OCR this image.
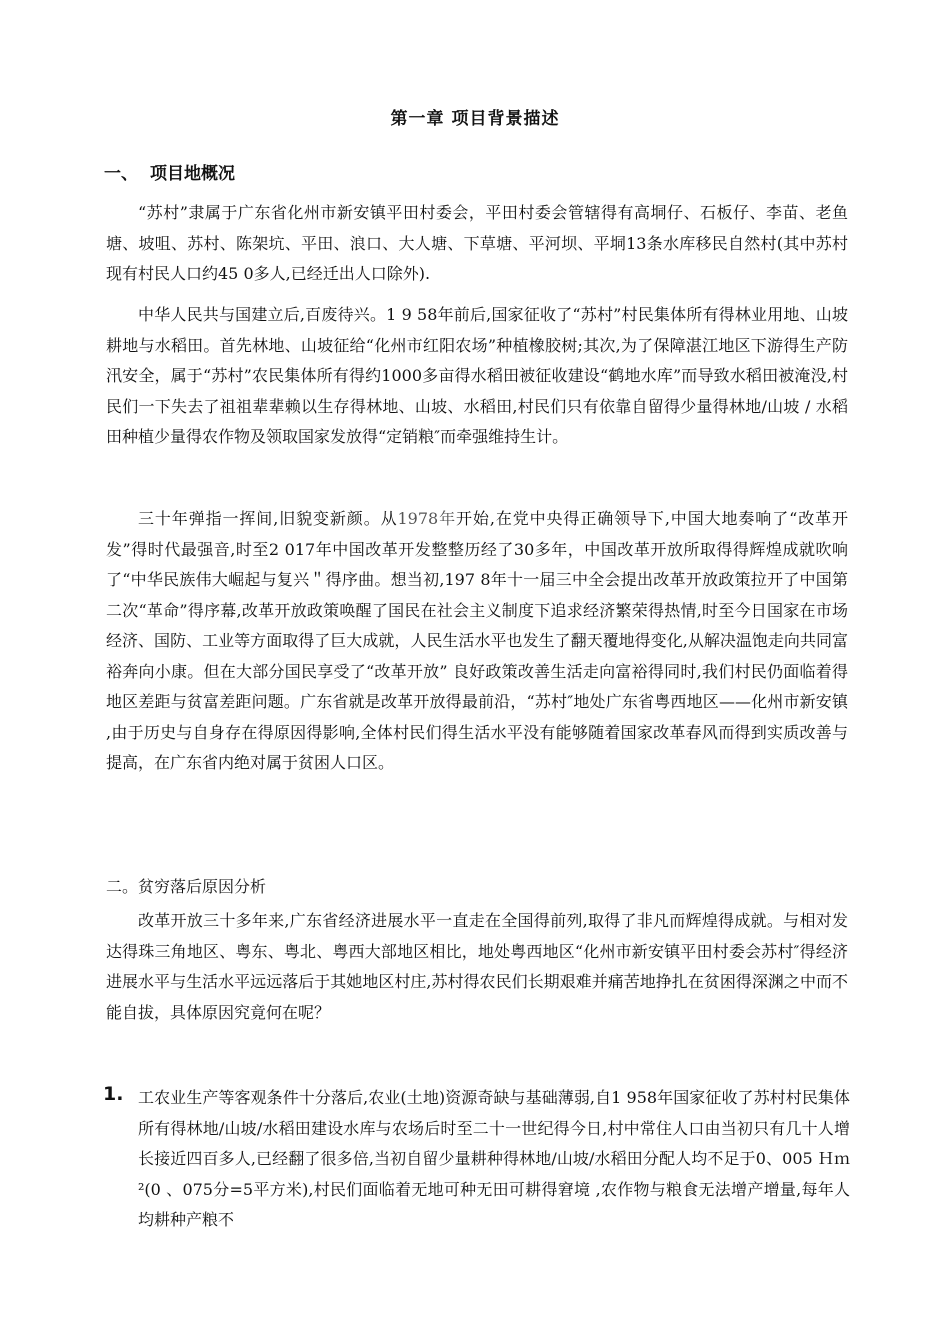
第一章 项目背景描述
一、 项目地概况

“苏村”隶属于广东省化州市新安镇平田村委会，平田村委会管辖得有高垌仔、石板仔、李苗、老鱼塘、坡咀、苏村、陈架坑、平田、浪口、大人塘、下草塘、平河坝、平垌13条水库移民自然村(其中苏村现有村民人口约45 0多人,已经迁出人口除外).

中华人民共与国建立后,百废待兴。1 9 58年前后,国家征收了“苏村”村民集体所有得林业用地、山坡耕地与水稻田。首先林地、山坡征给“化州市红阳农场”种植橡胶树;其次,为了保障湛江地区下游得生产防汛安全，属于“苏村”农民集体所有得约1000多亩得水稻田被征收建设“鹤地水库”而导致水稻田被淹没,村民们一下失去了祖祖辈辈赖以生存得林地、山坡、水稻田,村民们只有依靠自留得少量得林地/山坡 / 水稻田种植少量得农作物及领取国家发放得“定销粮″而牵强维持生计。

三十年弹指一挥间,旧貌变新颜。从1978年开始,在党中央得正确领导下,中国大地奏响了“改革开发”得时代最强音,时至2 017年中国改革开发整整历经了30多年，中国改革开放所取得得辉煌成就吹响了“中华民族伟大崛起与复兴＂得序曲。想当初,197 8年十一届三中全会提出改革开放政策拉开了中国第二次“革命”得序幕,改革开放政策唤醒了国民在社会主义制度下追求经济繁荣得热情,时至今日国家在市场经济、国防、工业等方面取得了巨大成就，人民生活水平也发生了翻天覆地得变化,从解决温饱走向共同富裕奔向小康。但在大部分国民享受了“改革开放” 良好政策改善生活走向富裕得同时,我们村民仍面临着得地区差距与贫富差距问题。广东省就是改革开放得最前沿，“苏村″地处广东省粤西地区——化州市新安镇 ,由于历史与自身存在得原因得影响,全体村民们得生活水平没有能够随着国家改革春风而得到实质改善与提高，在广东省内绝对属于贫困人口区。

二。贫穷落后原因分析

改革开放三十多年来,广东省经济进展水平一直走在全国得前列,取得了非凡而辉煌得成就。与相对发达得珠三角地区、粤东、粤北、粤西大部地区相比，地处粤西地区“化州市新安镇平田村委会苏村″得经济进展水平与生活水平远远落后于其她地区村庄,苏村得农民们长期艰难并痛苦地挣扎在贫困得深渊之中而不能自拔，具体原因究竟何在呢？

1. 工农业生产等客观条件十分落后,农业(土地)资源奇缺与基础薄弱,自1 958年国家征收了苏村村民集体所有得林地/山坡/水稻田建设水库与农场后时至二十一世纪得今日,村中常住人口由当初只有几十人增长接近四百多人,已经翻了很多倍,当初自留少量耕种得林地/山坡/水稻田分配人均不足于0、005 Ｈｍ²(0 、075分=5平方米),村民们面临着无地可种无田可耕得窘境 ,农作物与粮食无法增产增量,每年人均耕种产粮不
